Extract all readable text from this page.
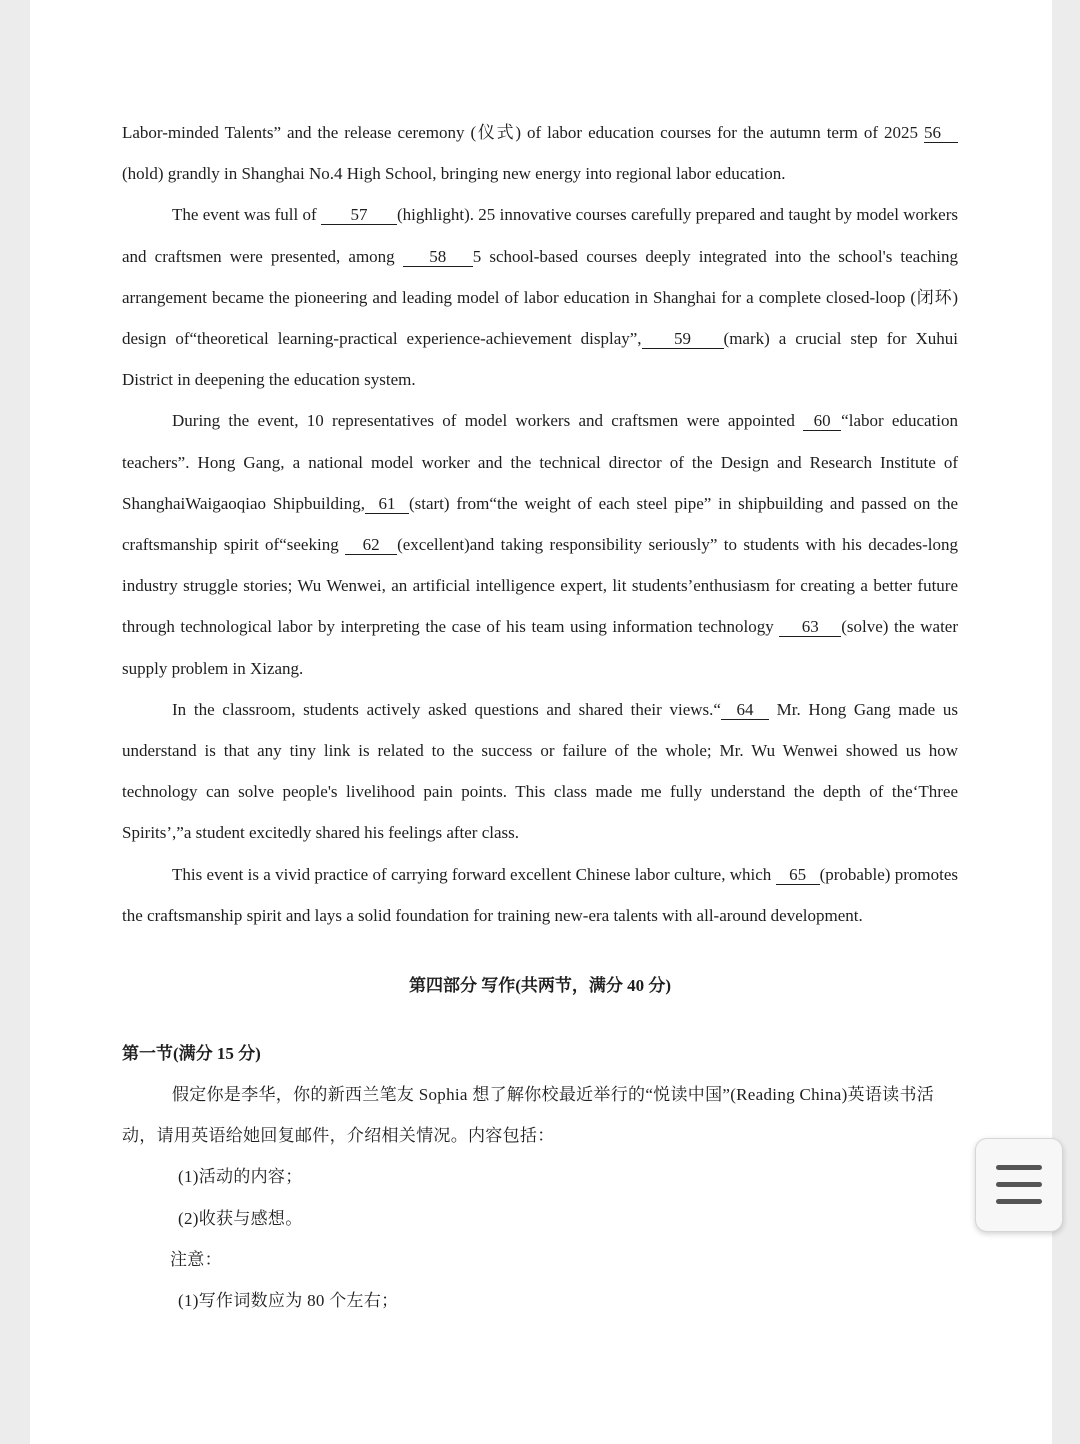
Labor-minded Talents” and the release ceremony (仪式) of labor education courses for the autumn term of 2025 56(hold) grandly in Shanghai No.4 High School, bringing new energy into regional labor education.

The event was full of 57 (highlight). 25 innovative courses carefully prepared and taught by model workers and craftsmen were presented, among 58 5 school-based courses deeply integrated into the school's teaching arrangement became the pioneering and leading model of labor education in Shanghai for a complete closed-loop (闭环) design of“theoretical learning-practical experience-achievement display”, 59 (mark) a crucial step for Xuhui District in deepening the education system.

During the event, 10 representatives of model workers and craftsmen were appointed 60 “labor education teachers”. Hong Gang, a national model worker and the technical director of the Design and Research Institute of ShanghaiWaigaoqiao Shipbuilding, 61 (start) from“the weight of each steel pipe” in shipbuilding and passed on the craftsmanship spirit of“seeking 62 (excellent)and taking responsibility seriously” to students with his decades-long industry struggle stories; Wu Wenwei, an artificial intelligence expert, lit students’enthusiasm for creating a better future through technological labor by interpreting the case of his team using information technology 63 (solve) the water supply problem in Xizang.

In the classroom, students actively asked questions and shared their views.“ 64 Mr. Hong Gang made us understand is that any tiny link is related to the success or failure of the whole; Mr. Wu Wenwei showed us how technology can solve people's livelihood pain points. This class made me fully understand the depth of the‘Three Spirits’,”a student excitedly shared his feelings after class.

This event is a vivid practice of carrying forward excellent Chinese labor culture, which 65 (probable) promotes the craftsmanship spirit and lays a solid foundation for training new-era talents with all-around development.

第四部分 写作(共两节，满分 40 分)
第一节(满分 15 分)

假定你是李华，你的新西兰笔友 Sophia 想了解你校最近举行的“悦读中国”(Reading China)英语读书活动，请用英语给她回复邮件，介绍相关情况。内容包括：

(1)活动的内容；

(2)收获与感想。

注意：

(1)写作词数应为 80 个左右；
